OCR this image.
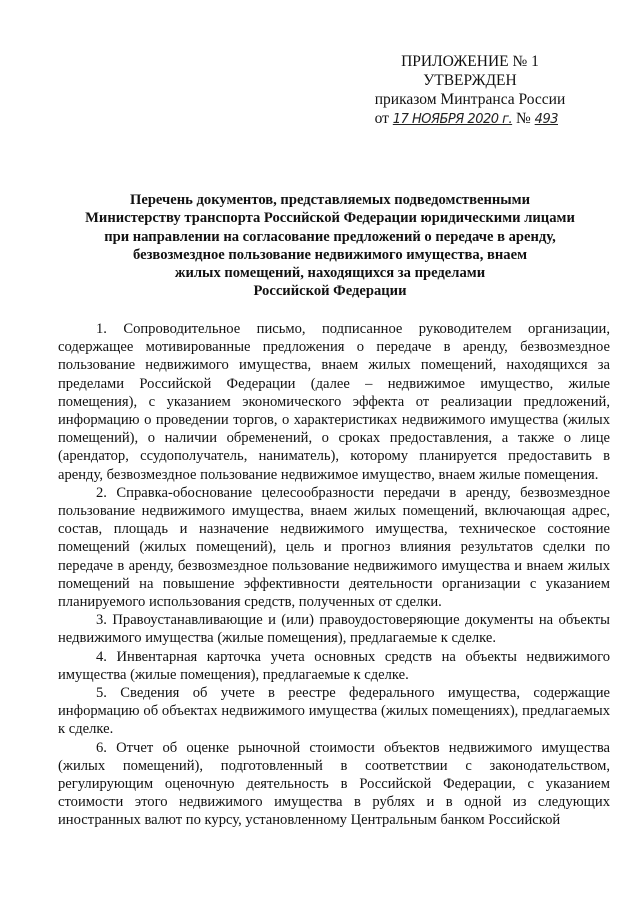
ПРИЛОЖЕНИЕ № 1
УТВЕРЖДЕН
приказом Минтранса России
от 17 НОЯБРЯ 2020 г. № 493
Перечень документов, представляемых подведомственными
Министерству транспорта Российской Федерации юридическими лицами
при направлении на согласование предложений о передаче в аренду,
безвозмездное пользование недвижимого имущества, внаем
жилых помещений, находящихся за пределами
Российской Федерации

1. Сопроводительное письмо, подписанное руководителем организации, содержащее мотивированные предложения о передаче в аренду, безвозмездное пользование недвижимого имущества, внаем жилых помещений, находящихся за пределами Российской Федерации (далее – недвижимое имущество, жилые помещения), с указанием экономического эффекта от реализации предложений, информацию о проведении торгов, о характеристиках недвижимого имущества (жилых помещений), о наличии обременений, о сроках предоставления, а также о лице (арендатор, ссудополучатель, наниматель), которому планируется предоставить в аренду, безвозмездное пользование недвижимое имущество, внаем жилые помещения.

2. Справка-обоснование целесообразности передачи в аренду, безвозмездное пользование недвижимого имущества, внаем жилых помещений, включающая адрес, состав, площадь и назначение недвижимого имущества, техническое состояние помещений (жилых помещений), цель и прогноз влияния результатов сделки по передаче в аренду, безвозмездное пользование недвижимого имущества и внаем жилых помещений на повышение эффективности деятельности организации с указанием планируемого использования средств, полученных от сделки.

3. Правоустанавливающие и (или) правоудостоверяющие документы на объекты недвижимого имущества (жилые помещения), предлагаемые к сделке.

4. Инвентарная карточка учета основных средств на объекты недвижимого имущества (жилые помещения), предлагаемые к сделке.

5. Сведения об учете в реестре федерального имущества, содержащие информацию об объектах недвижимого имущества (жилых помещениях), предлагаемых к сделке.

6. Отчет об оценке рыночной стоимости объектов недвижимого имущества (жилых помещений), подготовленный в соответствии с законодательством, регулирующим оценочную деятельность в Российской Федерации, с указанием стоимости этого недвижимого имущества в рублях и в одной из следующих иностранных валют по курсу, установленному Центральным банком Российской
